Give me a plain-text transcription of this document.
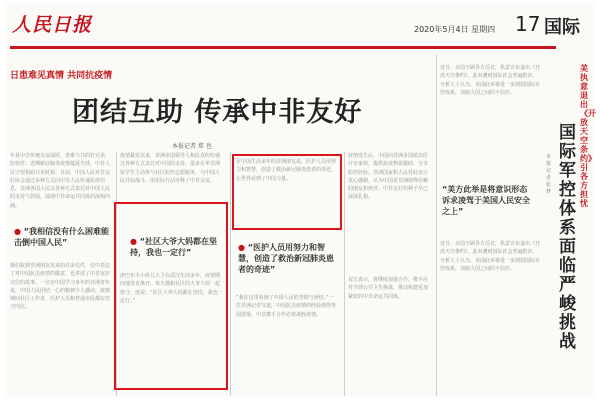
人民日报	2020年5月4日 星期四 17 国际
日患难见真情 共同抗疫情
团结互助 传承中非友好
本报记者 郑 也
年是中非传统友谊深厚，患难与共的好兄弟，好伙伴。近期新冠肺炎疫情蔓延全球，中非人民守望相助共克时艰。日前，中国人民对非友好协会通过多种方式向中非人民传递抗疫信息，非洲各国人民以各种方式表达对中国人民的支持与鼓励，展现中非命运共同体的深刻内涵。
● “我相信没有什么困难能击倒中国人民”
我们收到非洲朋友发来的许多信件，信中表达了对中国抗击疫情的敬意，也讲述了中非友好交往的故事。一位在中国学习多年的非洲青年说，中国人民团结一心的精神令人感动，疫情期间社区工作者、医护人员和普通市民都在坚守岗位。
疫情暴发以来，非洲多国领导人和民众纷纷通过各种方式表达对中国的支持。很多在华非洲留学生主动参与社区防控志愿服务，与中国人民并肩战斗，用实际行动诠释了中非友谊。
● “社区大爷大妈都在坚持，我也一定行”
津巴布韦小伙儿大卫在武汉生活多年，疫情期间他没有离开，每天都和社区的大爷大妈一起值守。他说：“社区大爷大妈都在坚持，我也一定行。”
在中国生活多年的非洲朋友说，医护人员用努力和智慧，创造了救治新冠肺炎患者的奇迹，让世界看到了中国力量。
● “医护人员用努力和智慧，创造了救治新冠肺炎患者的奇迹”
“我在这里看到了中国人民的坚韧与团结。”一位非洲记者写道，中国抗击疫情的经验值得各国借鉴，中非携手合作必将战胜疫情。
疫情发生后，中国向非洲多国派出医疗专家组，提供抗疫物资援助，分享防控经验。非洲国家和人民对此表示衷心感谢，认为中国是非洲值得信赖的朋友和伙伴。中非友好的种子早已深深扎根。
双方表示，将继续加强合作，携手应对全球公共卫生挑战，推动构建更加紧密的中非命运共同体。
近日，美国不顾各方反对，执意宣布退出《开放天空条约》，此举遭到国际社会普遍批评。分析人士认为，美国此举将进一步削弱国际军控体系，加剧大国之间的不信任。
“美方此举是将意识形态诉求凌驾于美国人民安全之上”
近日，美国不顾各方反对，执意宣布退出《开放天空条约》，此举遭到国际社会普遍批评。分析人士认为，美国此举将进一步削弱国际军控体系，加剧大国之间的不信任。
本报记者 张 梦
国际军控体系面临严峻挑战
美执意退出《开放天空条约》引各方担忧
